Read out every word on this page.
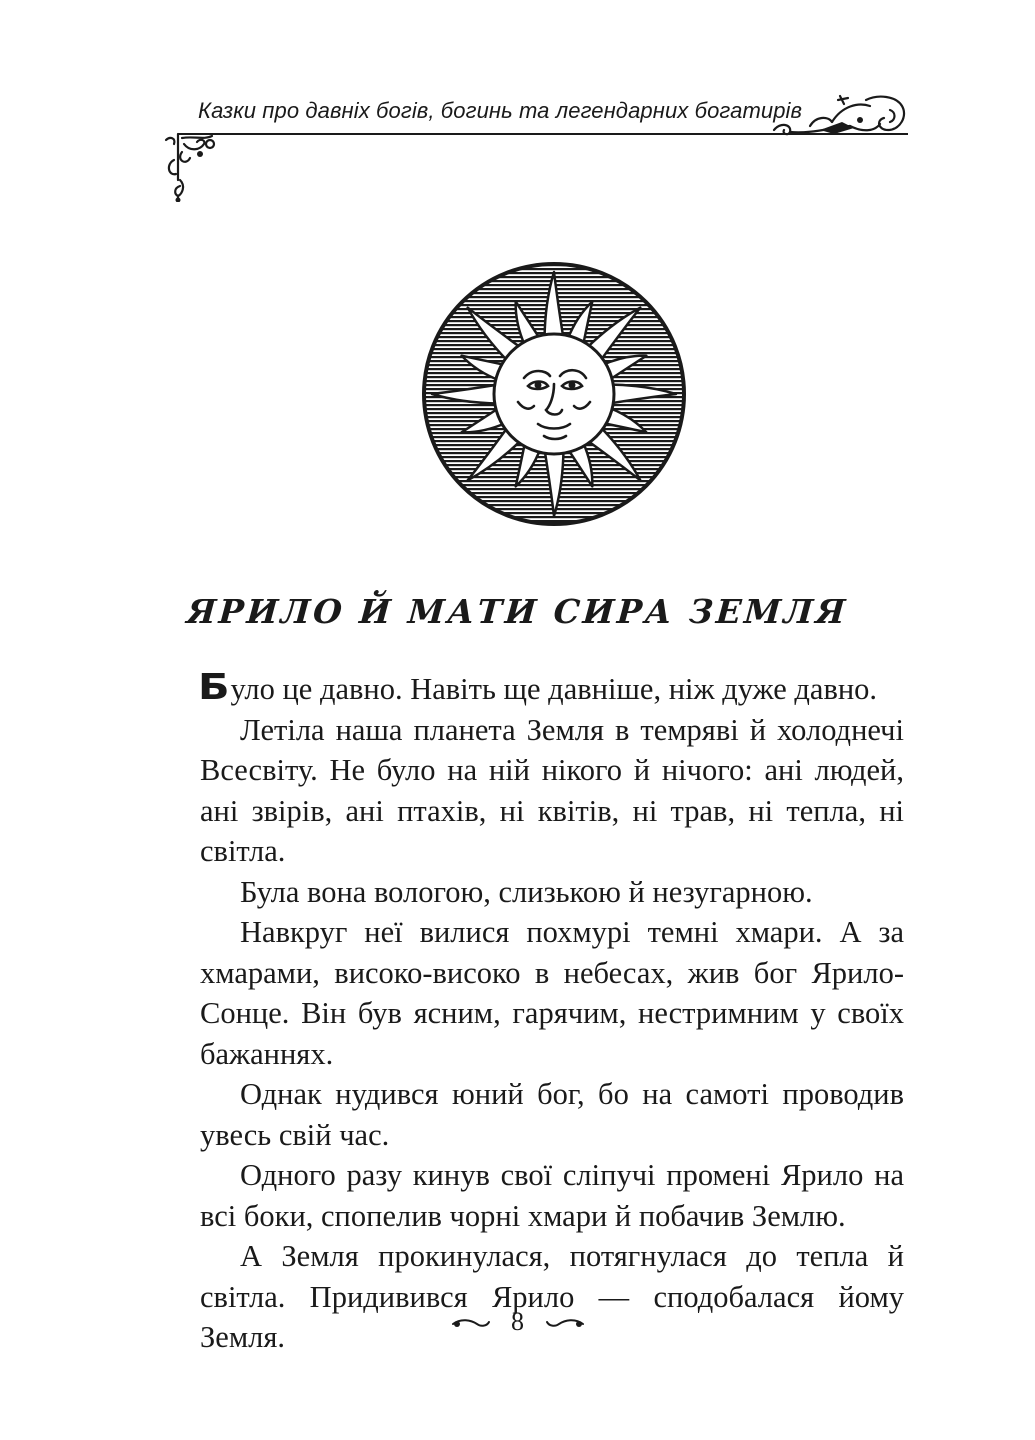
Казки про давніх богів, богинь та легендарних богатирів
ЯРИЛО Й МАТИ СИРА ЗЕМЛЯ

Було це давно. Навіть ще давніше, ніж дуже давно.

Летіла наша планета Земля в темряві й холоднечі Всесвіту. Не було на ній нікого й нічого: ані людей, ані звірів, ані птахів, ні квітів, ні трав, ні тепла, ні світла.

Була вона вологою, слизькою й незугарною.

Навкруг неї вилися похмурі темні хмари. А за хмарами, високо-високо в небесах, жив бог Ярило-Сонце. Він був ясним, гарячим, нестримним у своїх бажаннях.

Однак нудився юний бог, бо на самоті проводив увесь свій час.

Одного разу кинув свої сліпучі промені Ярило на всі боки, спопелив чорні хмари й побачив Землю.

А Земля прокинулася, потягнулася до тепла й світла. Придивився Ярило — сподобалася йому Земля.	8
